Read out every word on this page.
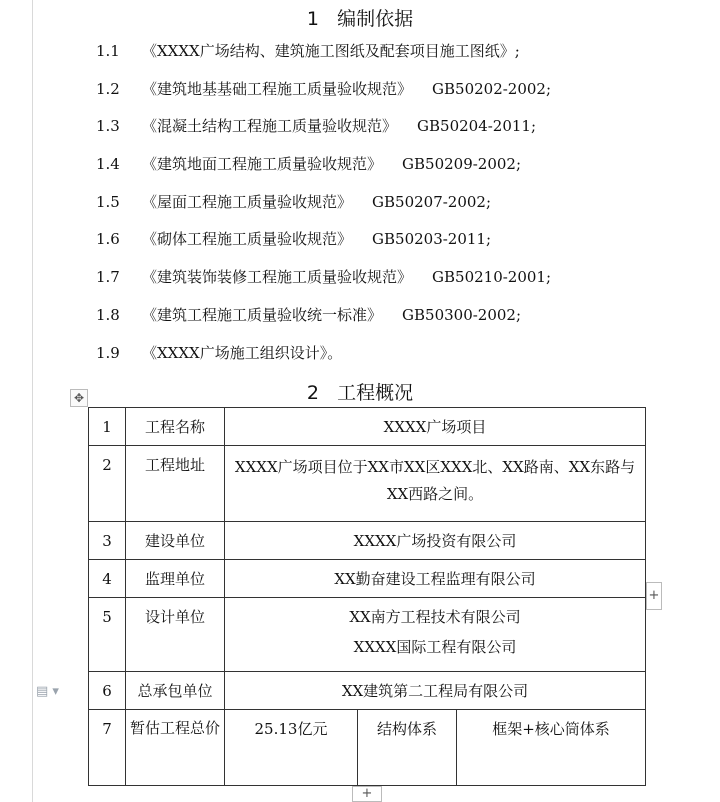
1 编制依据
1.1 《XXXX广场结构、建筑施工图纸及配套项目施工图纸》;
1.2 《建筑地基基础工程施工质量验收规范》 GB50202-2002;
1.3 《混凝土结构工程施工质量验收规范》 GB50204-2011;
1.4 《建筑地面工程施工质量验收规范》 GB50209-2002;
1.5 《屋面工程施工质量验收规范》 GB50207-2002;
1.6 《砌体工程施工质量验收规范》 GB50203-2011;
1.7 《建筑装饰装修工程施工质量验收规范》 GB50210-2001;
1.8 《建筑工程施工质量验收统一标准》 GB50300-2002;
1.9 《XXXX广场施工组织设计》。
2 工程概况
✥
1	工程名称	XXXX广场项目		
2	工程地址	XXXX广场项目位于XX市XX区XXX北、XX路南、XX东路与XX西路之间。		
3	建设单位	XXXX广场投资有限公司		
4	监理单位	XX勤奋建设工程监理有限公司		
5	设计单位	XX南方工程技术有限公司
XXXX国际工程有限公司		

6	总承包单位	XX建筑第二工程局有限公司		
7	暂估工程总价	25.13亿元	结构体系	框架+核心筒体系
+
+
▤ ▾
